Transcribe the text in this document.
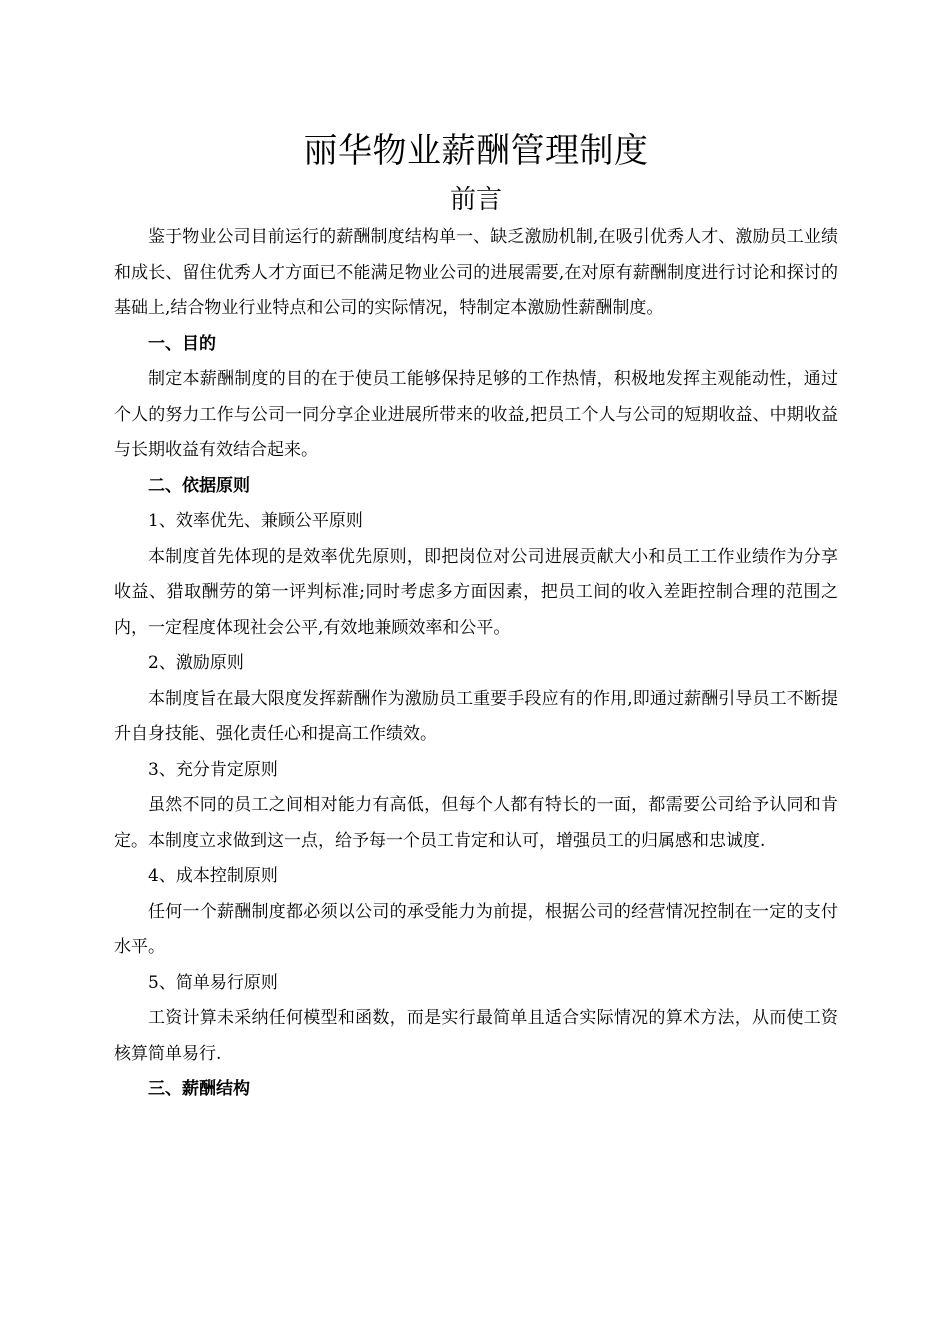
丽华物业薪酬管理制度
前言

鉴于物业公司目前运行的薪酬制度结构单一、缺乏激励机制,在吸引优秀人才、激励员工业绩和成长、留住优秀人才方面已不能满足物业公司的进展需要,在对原有薪酬制度进行讨论和探讨的基础上,结合物业行业特点和公司的实际情况，特制定本激励性薪酬制度。

一、目的

制定本薪酬制度的目的在于使员工能够保持足够的工作热情，积极地发挥主观能动性，通过个人的努力工作与公司一同分享企业进展所带来的收益,把员工个人与公司的短期收益、中期收益与长期收益有效结合起来。

二、依据原则

1、效率优先、兼顾公平原则

本制度首先体现的是效率优先原则，即把岗位对公司进展贡献大小和员工工作业绩作为分享收益、猎取酬劳的第一评判标准;同时考虑多方面因素，把员工间的收入差距控制合理的范围之内，一定程度体现社会公平,有效地兼顾效率和公平。

2、激励原则

本制度旨在最大限度发挥薪酬作为激励员工重要手段应有的作用,即通过薪酬引导员工不断提升自身技能、强化责任心和提高工作绩效。

3、充分肯定原则

虽然不同的员工之间相对能力有高低，但每个人都有特长的一面，都需要公司给予认同和肯定。本制度立求做到这一点，给予每一个员工肯定和认可，增强员工的归属感和忠诚度.

4、成本控制原则

任何一个薪酬制度都必须以公司的承受能力为前提，根据公司的经营情况控制在一定的支付水平。

5、简单易行原则

工资计算未采纳任何模型和函数，而是实行最简单且适合实际情况的算术方法，从而使工资核算简单易行.

三、薪酬结构
